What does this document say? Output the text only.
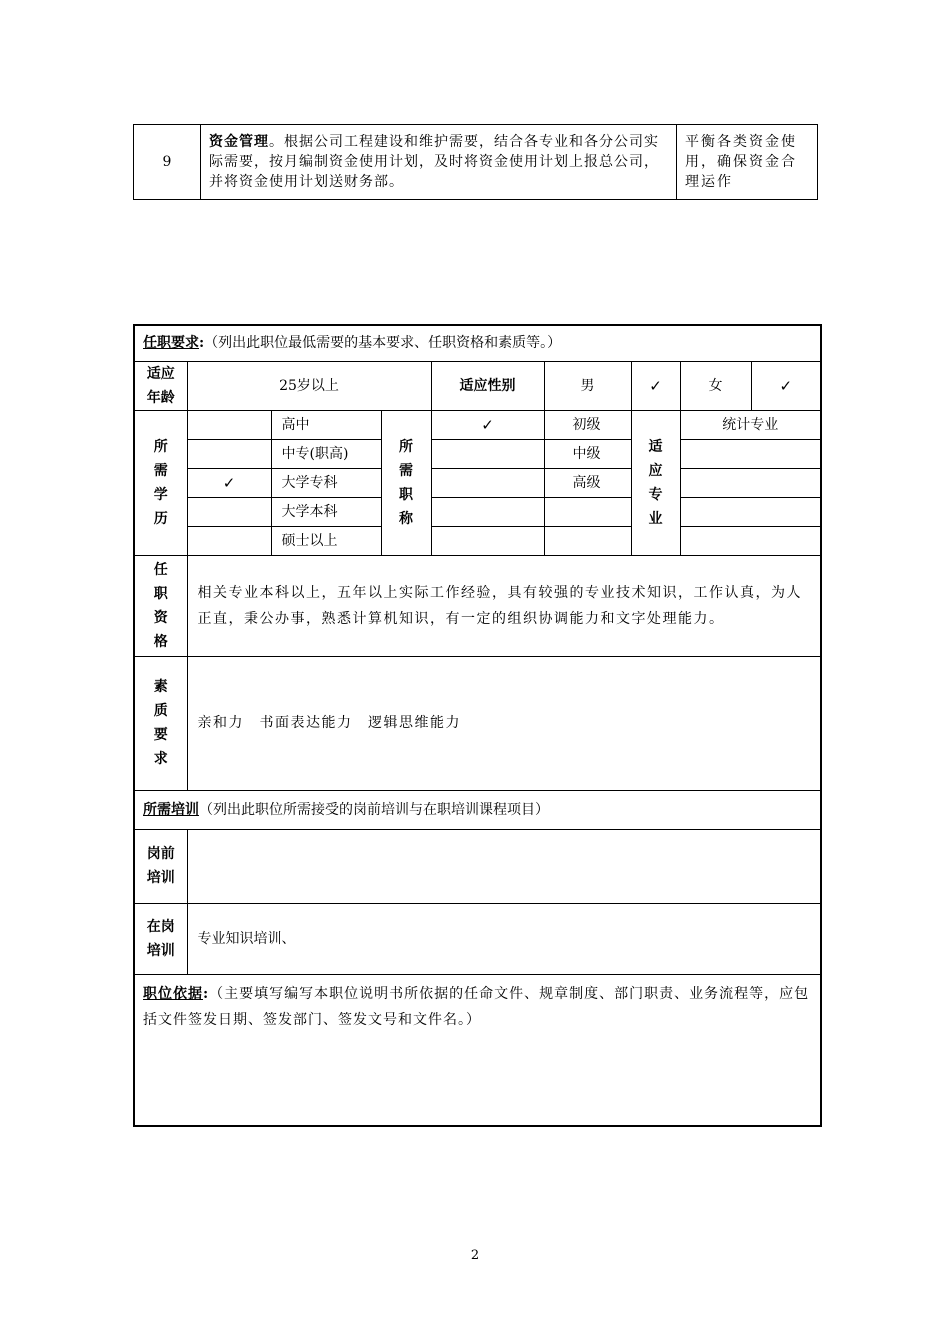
9	资金管理。根据公司工程建设和维护需要，结合各专业和各分公司实际需要，按月编制资金使用计划，及时将资金使用计划上报总公司，并将资金使用计划送财务部。	平衡各类资金使用，确保资金合理运作
任职要求:（列出此职位最低需要的基本要求、任职资格和素质等。）								
适应年龄	25岁以上			适应性别	男	✓	女	✓
所需学历		高中	所需职称	✓	初级	适应专业	统计专业	
		中专(职高)			中级			
	✓	大学专科			高级			
		大学本科						
		硕士以上						
任职资格	相关专业本科以上，五年以上实际工作经验，具有较强的专业技术知识，工作认真，为人正直，秉公办事，熟悉计算机知识，有一定的组织协调能力和文字处理能力。							
素质要求	亲和力　书面表达能力　逻辑思维能力							
所需培训（列出此职位所需接受的岗前培训与在职培训课程项目）								
岗前培训								
在岗培训	专业知识培训、							
职位依据:（主要填写编写本职位说明书所依据的任命文件、规章制度、部门职责、业务流程等，应包括文件签发日期、签发部门、签发文号和文件名。）								
2
